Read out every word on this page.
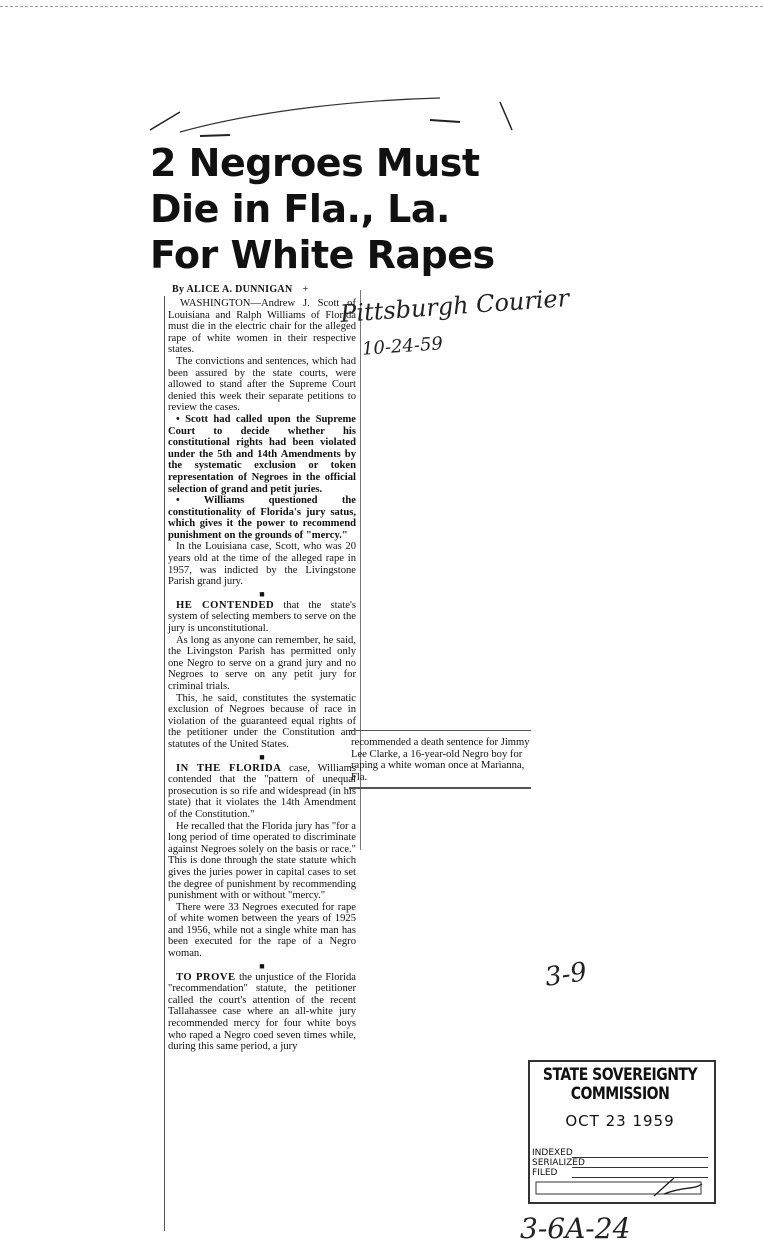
2 Negroes Must
Die in Fla., La.
For White Rapes
By ALICE A. DUNNIGAN +

WASHINGTON—Andrew J. Scott of Louisiana and Ralph Williams of Florida must die in the electric chair for the alleged rape of white women in their respective states.

The convictions and sentences, which had been assured by the state courts, were allowed to stand after the Supreme Court denied this week their separate petitions to review the cases.

• Scott had called upon the Supreme Court to decide whether his constitutional rights had been violated under the 5th and 14th Amendments by the systematic exclusion or token representation of Negroes in the official selection of grand and petit juries.

• Williams questioned the constitutionality of Florida's jury satus, which gives it the power to recommend punishment on the grounds of "mercy."

In the Louisiana case, Scott, who was 20 years old at the time of the alleged rape in 1957, was indicted by the Livingstone Parish grand jury.

■

HE CONTENDED that the state's system of selecting members to serve on the jury is unconstitutional.

As long as anyone can remember, he said, the Livingston Parish has permitted only one Negro to serve on a grand jury and no Negroes to serve on any petit jury for criminal trials.

This, he said, constitutes the systematic exclusion of Negroes because of race in violation of the guaranteed equal rights of the petitioner under the Constitution and statutes of the United States.

■

IN THE FLORIDA case, Williams contended that the "pattern of unequal prosecution is so rife and widespread (in his state) that it violates the 14th Amendment of the Constitution."

He recalled that the Florida jury has "for a long period of time operated to discriminate against Negroes solely on the basis or race." This is done through the state statute which gives the juries power in capital cases to set the degree of punishment by recommending punishment with or without "mercy."

There were 33 Negroes executed for rape of white women between the years of 1925 and 1956, while not a single white man has been executed for the rape of a Negro woman.

■

TO PROVE the unjustice of the Florida "recommendation" statute, the petitioner called the court's attention of the recent Tallahassee case where an all-white jury recommended mercy for four white boys who raped a Negro coed seven times while, during this same period, a jury

recommended a death sentence for Jimmy Lee Clarke, a 16-year-old Negro boy for raping a white woman once at Marianna, Fla.
Pittsburgh Courier
10-24-59
3-9
3-6A-24
STATE SOVEREIGNTY COMMISSION
OCT 23 1959
INDEXED
SERIALIZED
FILED
